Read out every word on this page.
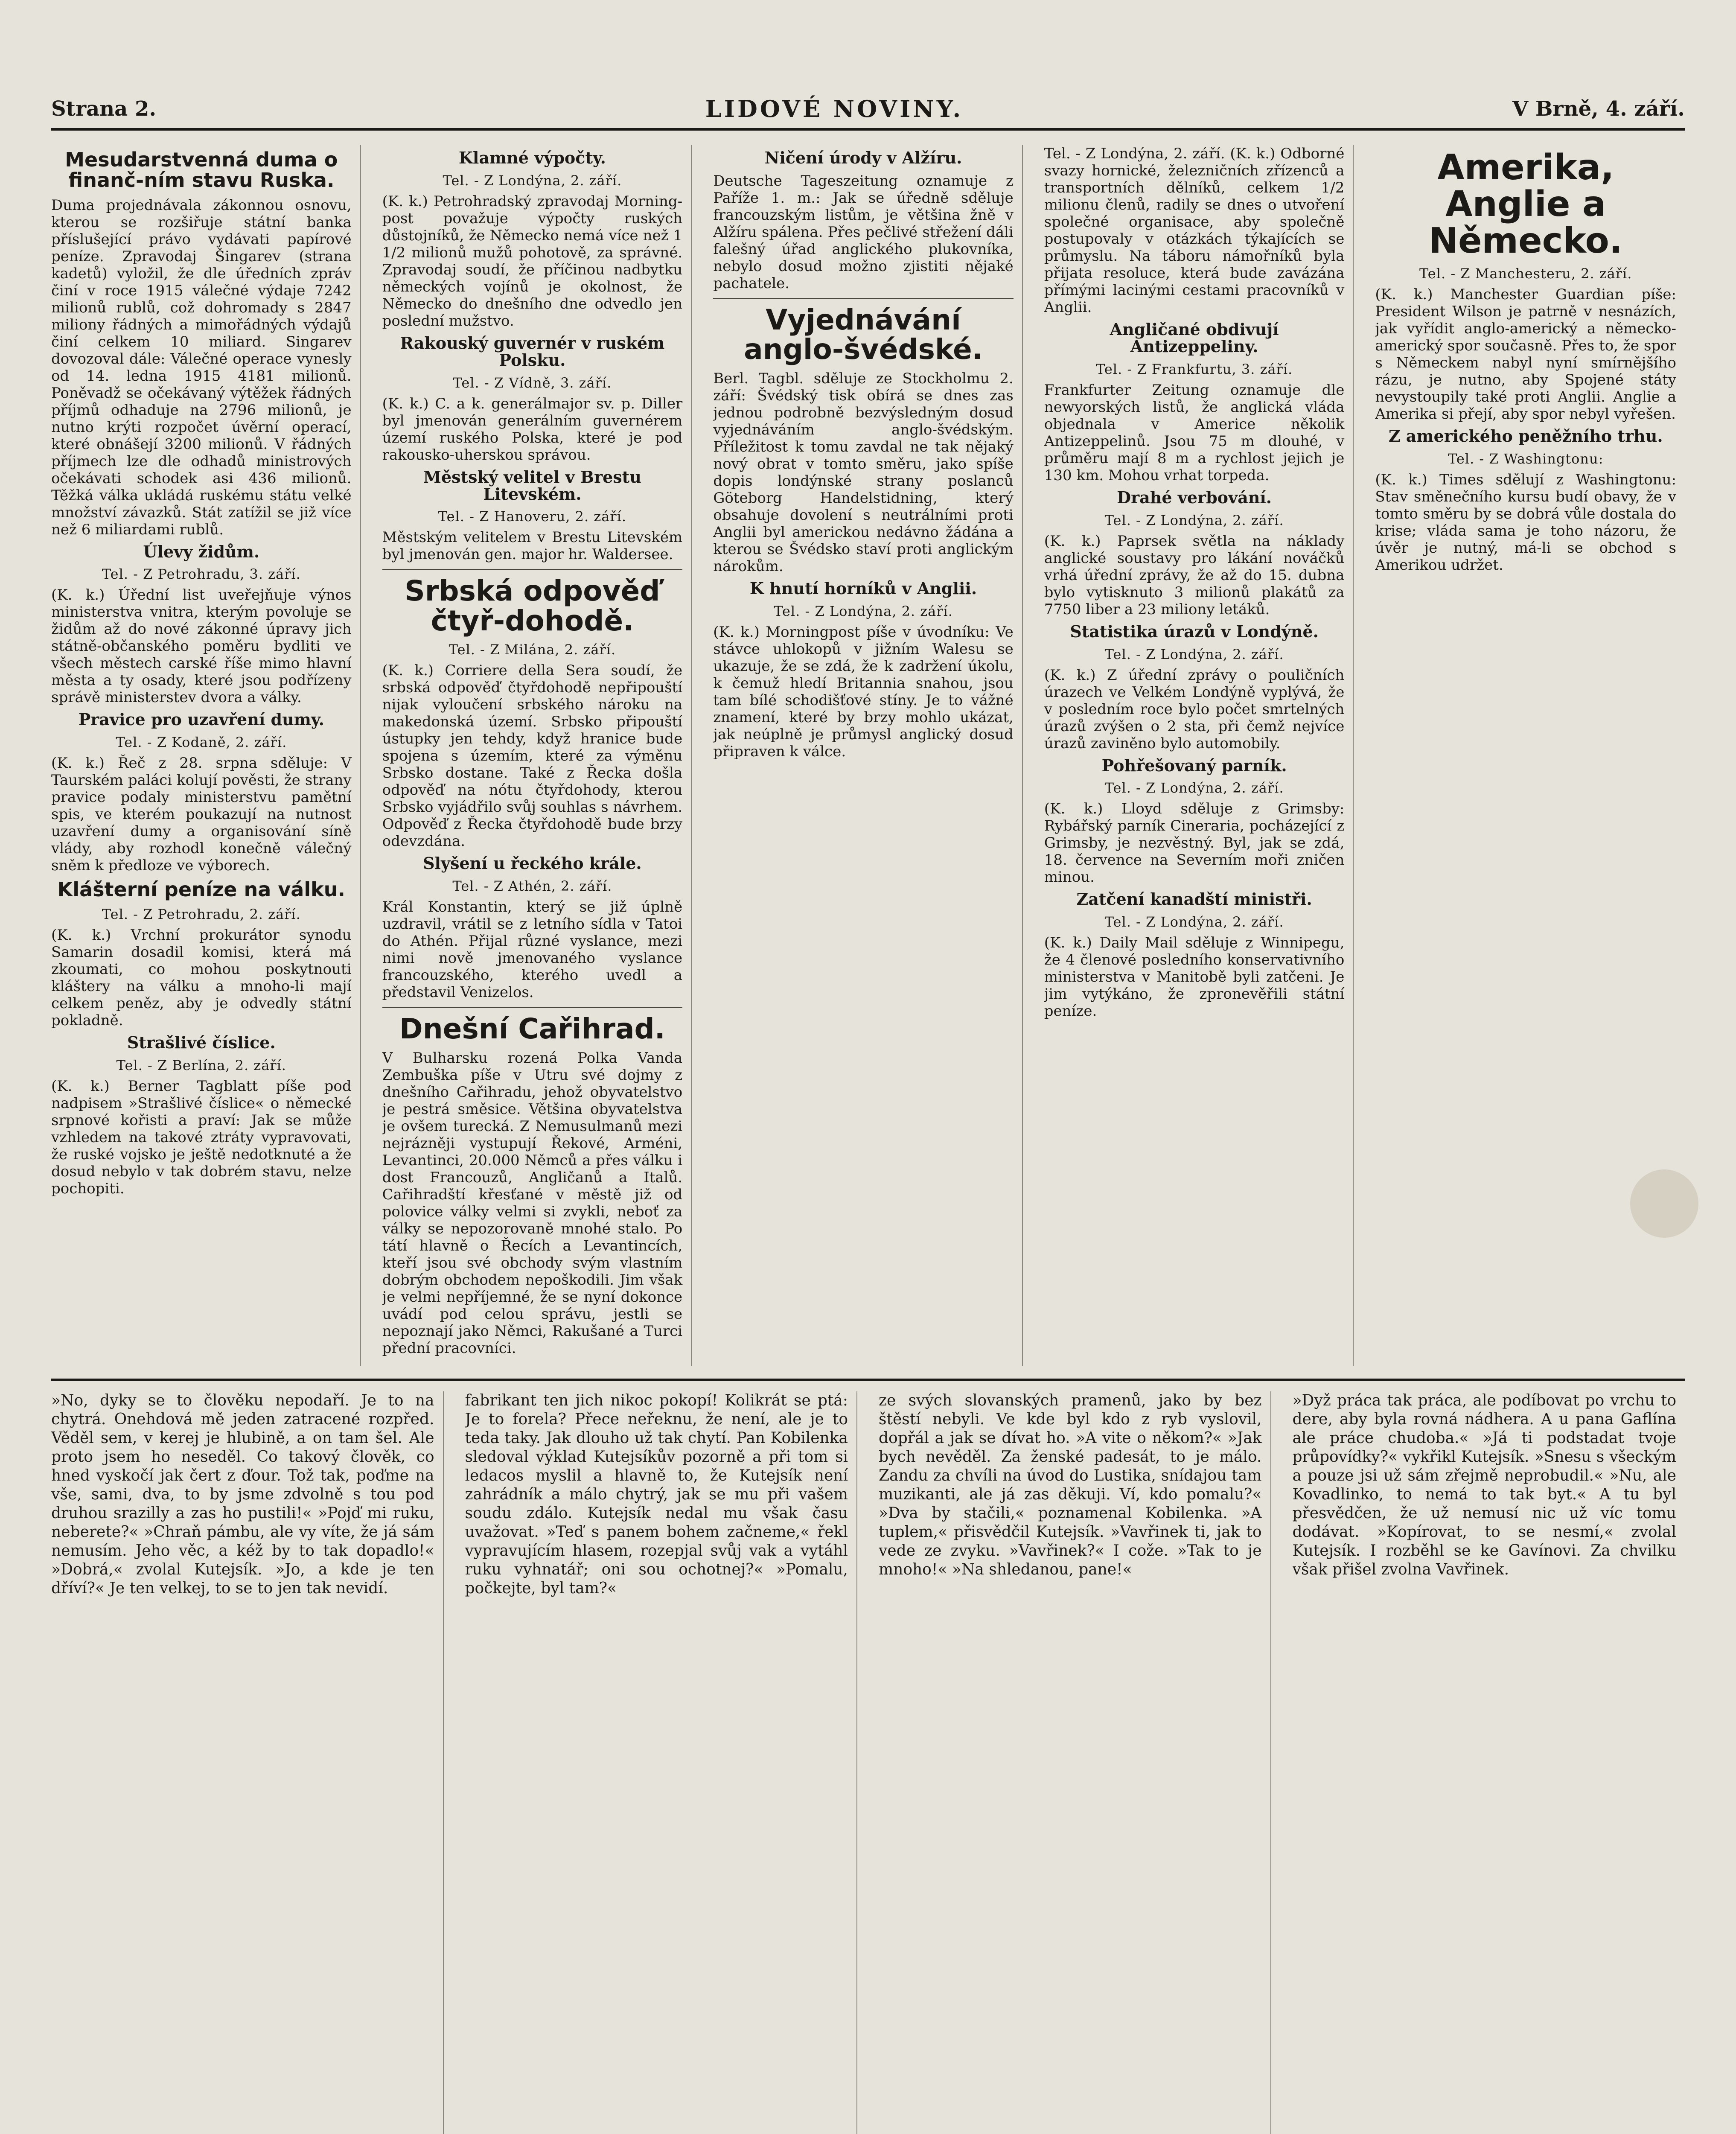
Strana 2.	LIDOVÉ NOVINY.	V Brně, 4. září.
Mesudarstvenná duma o finanč-ním stavu Ruska.

Duma projednávala zákonnou osnovu, kterou se rozšiřuje státní banka příslušející právo vydávati papírové peníze. Zpravodaj Šingarev (strana kadetů) vyložil, že dle úředních zpráv činí v roce 1915 válečné výdaje 7242 milionů rublů, což dohromady s 2847 miliony řádných a mimořádných výdajů činí celkem 10 miliard. Singarev dovozoval dále: Válečné operace vynesly od 14. ledna 1915 4181 milionů. Poněvadž se očekávaný výtěžek řádných příjmů odhaduje na 2796 milionů, je nutno krýti rozpočet úvěrní operací, které obnášejí 3200 milionů. V řádných příjmech lze dle odhadů ministrových očekávati schodek asi 436 milionů. Těžká válka ukládá ruskému státu velké množství závazků. Stát zatížil se již více než 6 miliardami rublů.

Úlevy židům.
Tel. - Z Petrohradu, 3. září.

(K. k.) Úřední list uveřejňuje výnos ministerstva vnitra, kterým povoluje se židům až do nové zákonné úpravy jich státně-občanského poměru bydliti ve všech městech carské říše mimo hlavní města a ty osady, které jsou podřízeny správě ministerstev dvora a války.

Pravice pro uzavření dumy.
Tel. - Z Kodaně, 2. září.

(K. k.) Řeč z 28. srpna sděluje: V Taurském paláci kolují pověsti, že strany pravice podaly ministerstvu pamětní spis, ve kterém poukazují na nutnost uzavření dumy a organisování síně vlády, aby rozhodl konečně válečný sněm k předloze ve výborech.

Klášterní peníze na válku.
Tel. - Z Petrohradu, 2. září.

(K. k.) Vrchní prokurátor synodu Samarin dosadil komisi, která má zkoumati, co mohou poskytnouti kláštery na válku a mnoho-li mají celkem peněz, aby je odvedly státní pokladně.

Strašlivé číslice.
Tel. - Z Berlína, 2. září.

(K. k.) Berner Tagblatt píše pod nadpisem »Strašlivé číslice« o německé srpnové kořisti a praví: Jak se může vzhledem na takové ztráty vypravovati, že ruské vojsko je ještě nedotknuté a že dosud nebylo v tak dobrém stavu, nelze pochopiti.

Klamné výpočty.
Tel. - Z Londýna, 2. září.

(K. k.) Petrohradský zpravodaj Morning-post považuje výpočty ruských důstojníků, že Německo nemá více než 1 1/2 milionů mužů pohotově, za správné. Zpravodaj soudí, že příčinou nadbytku německých vojínů je okolnost, že Německo do dnešního dne odvedlo jen poslední mužstvo.

Rakouský guvernér v ruském Polsku.
Tel. - Z Vídně, 3. září.

(K. k.) C. a k. generálmajor sv. p. Diller byl jmenován generálním guvernérem území ruského Polska, které je pod rakousko-uherskou správou.

Městský velitel v Brestu Litevském.
Tel. - Z Hanoveru, 2. září.

Městským velitelem v Brestu Litevském byl jmenován gen. major hr. Waldersee.

Srbská odpověď čtyř-dohodě.
Tel. - Z Milána, 2. září.

(K. k.) Corriere della Sera soudí, že srbská odpověď čtyřdohodě nepřipouští nijak vyloučení srbského nároku na makedonská území. Srbsko připouští ústupky jen tehdy, když hranice bude spojena s územím, které za výměnu Srbsko dostane. Také z Řecka došla odpověď na nótu čtyřdohody, kterou Srbsko vyjádřilo svůj souhlas s návrhem. Odpověď z Řecka čtyřdohodě bude brzy odevzdána.

Slyšení u řeckého krále.
Tel. - Z Athén, 2. září.

Král Konstantin, který se již úplně uzdravil, vrátil se z letního sídla v Tatoi do Athén. Přijal různé vyslance, mezi nimi nově jmenovaného vyslance francouzského, kterého uvedl a představil Venizelos.

Dnešní Cařihrad.

V Bulharsku rozená Polka Vanda Zembuška píše v Utru své dojmy z dnešního Cařihradu, jehož obyvatelstvo je pestrá směsice. Většina obyvatelstva je ovšem turecká. Z Nemusulmanů mezi nejrázněji vystupují Řekové, Arméni, Levantinci, 20.000 Němců a přes válku i dost Francouzů, Angličanů a Italů. Cařihradští křesťané v městě již od polovice války velmi si zvykli, neboť za války se nepozorovaně mnohé stalo. Po tátí hlavně o Řecích a Levantincích, kteří jsou své obchody svým vlastním dobrým obchodem nepoškodili. Jim však je velmi nepříjemné, že se nyní dokonce uvádí pod celou správu, jestli se nepoznají jako Němci, Rakušané a Turci přední pracovníci.

Ničení úrody v Alžíru.

Deutsche Tageszeitung oznamuje z Paříže 1. m.: Jak se úředně sděluje francouzským listům, je většina žně v Alžíru spálena. Přes pečlivé střežení dáli falešný úřad anglického plukovníka, nebylo dosud možno zjistiti nějaké pachatele.

Vyjednávání anglo-švédské.

Berl. Tagbl. sděluje ze Stockholmu 2. září: Švédský tisk obírá se dnes zas jednou podrobně bezvýsledným dosud vyjednáváním anglo-švédským. Příležitost k tomu zavdal ne tak nějaký nový obrat v tomto směru, jako spíše dopis londýnské strany poslanců Göteborg Handelstidning, který obsahuje dovolení s neutrálními proti Anglii byl americkou nedávno žádána a kterou se Švédsko staví proti anglickým nárokům.

K hnutí horníků v Anglii.
Tel. - Z Londýna, 2. září.

(K. k.) Morningpost píše v úvodníku: Ve stávce uhlokopů v jižním Walesu se ukazuje, že se zdá, že k zadržení úkolu, k čemuž hledí Britannia snahou, jsou tam bílé schodišťové stíny. Je to vážné znamení, které by brzy mohlo ukázat, jak neúplně je průmysl anglický dosud připraven k válce.

Tel. - Z Londýna, 2. září. (K. k.) Odborné svazy hornické, železničních zřízenců a transportních dělníků, celkem 1/2 milionu členů, radily se dnes o utvoření společné organisace, aby společně postupovaly v otázkách týkajících se průmyslu. Na táboru námořníků byla přijata resoluce, která bude zavázána přímými lacinými cestami pracovníků v Anglii.

Angličané obdivují Antizeppeliny.
Tel. - Z Frankfurtu, 3. září.

Frankfurter Zeitung oznamuje dle newyorských listů, že anglická vláda objednala v Americe několik Antizeppelinů. Jsou 75 m dlouhé, v průměru mají 8 m a rychlost jejich je 130 km. Mohou vrhat torpeda.

Drahé verbování.
Tel. - Z Londýna, 2. září.

(K. k.) Paprsek světla na náklady anglické soustavy pro lákání nováčků vrhá úřední zprávy, že až do 15. dubna bylo vytisknuto 3 milionů plakátů za 7750 liber a 23 miliony letáků.

Statistika úrazů v Londýně.
Tel. - Z Londýna, 2. září.

(K. k.) Z úřední zprávy o pouličních úrazech ve Velkém Londýně vyplývá, že v posledním roce bylo počet smrtelných úrazů zvýšen o 2 sta, při čemž nejvíce úrazů zaviněno bylo automobily.

Pohřešovaný parník.
Tel. - Z Londýna, 2. září.

(K. k.) Lloyd sděluje z Grimsby: Rybářský parník Cineraria, pocházející z Grimsby, je nezvěstný. Byl, jak se zdá, 18. července na Severním moři zničen minou.

Zatčení kanadští ministři.
Tel. - Z Londýna, 2. září.

(K. k.) Daily Mail sděluje z Winnipegu, že 4 členové posledního konservativního ministerstva v Manitobě byli zatčeni. Je jim vytýkáno, že zpronevěřili státní peníze.

Amerika, Anglie a Německo.
Tel. - Z Manchesteru, 2. září.

(K. k.) Manchester Guardian píše: President Wilson je patrně v nesnázích, jak vyřídit anglo-americký a německo-americký spor současně. Přes to, že spor s Německem nabyl nyní smírnějšího rázu, je nutno, aby Spojené státy nevystoupily také proti Anglii. Anglie a Amerika si přejí, aby spor nebyl vyřešen.

Z amerického peněžního trhu.
Tel. - Z Washingtonu:

(K. k.) Times sdělují z Washingtonu: Stav směnečního kursu budí obavy, že v tomto směru by se dobrá vůle dostala do krise; vláda sama je toho názoru, že úvěr je nutný, má-li se obchod s Amerikou udržet.

»No, dyky se to člověku nepodaří. Je to na chytrá. Onehdová mě jeden zatracené rozpřed. Věděl sem, v kerej je hlubině, a on tam šel. Ale proto jsem ho neseděl. Co takový člověk, co hned vyskočí jak čert z ďour. Tož tak, poďme na vše, sami, dva, to by jsme zdvolně s tou pod druhou srazilly a zas ho pustili!« »Pojď mi ruku, neberete?« »Chraň pámbu, ale vy víte, že já sám nemusím. Jeho věc, a kéž by to tak dopadlo!« »Dobrá,« zvolal Kutejsík. »Jo, a kde je ten dříví?« Je ten velkej, to se to jen tak nevidí.

fabrikant ten jich nikoc pokopí! Kolikrát se ptá: Je to forela? Přece neřeknu, že není, ale je to teda taky. Jak dlouho už tak chytí. Pan Kobilenka sledoval výklad Kutejsíkův pozorně a při tom si ledacos myslil a hlavně to, že Kutejsík není zahrádník a málo chytrý, jak se mu při vašem soudu zdálo. Kutejsík nedal mu však času uvažovat. »Teď s panem bohem začneme,« řekl vypravujícím hlasem, rozepjal svůj vak a vytáhl ruku vyhnatář; oni sou ochotnej?« »Pomalu, počkejte, byl tam?«

ze svých slovanských pramenů, jako by bez štěstí nebyli. Ve kde byl kdo z ryb vyslovil, dopřál a jak se dívat ho. »A vite o někom?« »Jak bych nevěděl. Za ženské padesát, to je málo. Zandu za chvíli na úvod do Lustika, snídajou tam muzikanti, ale já zas děkuji. Ví, kdo pomalu?« »Dva by stačili,« poznamenal Kobilenka. »A tuplem,« přisvědčil Kutejsík. »Vavřinek ti, jak to vede ze zvyku. »Vavřinek?« I cože. »Tak to je mnoho!« »Na shledanou, pane!«

»Dyž práca tak práca, ale podíbovat po vrchu to dere, aby byla rovná nádhera. A u pana Gaflína ale práce chudoba.« »Já ti podstadat tvoje průpovídky?« vykřikl Kutejsík. »Snesu s všeckým a pouze jsi už sám zřejmě neprobudil.« »Nu, ale Kovadlinko, to nemá to tak byt.« A tu byl přesvědčen, že už nemusí nic už víc tomu dodávat. »Kopírovat, to se nesmí,« zvolal Kutejsík. I rozběhl se ke Gavínovi. Za chvilku však přišel zvolna Vavřinek.
